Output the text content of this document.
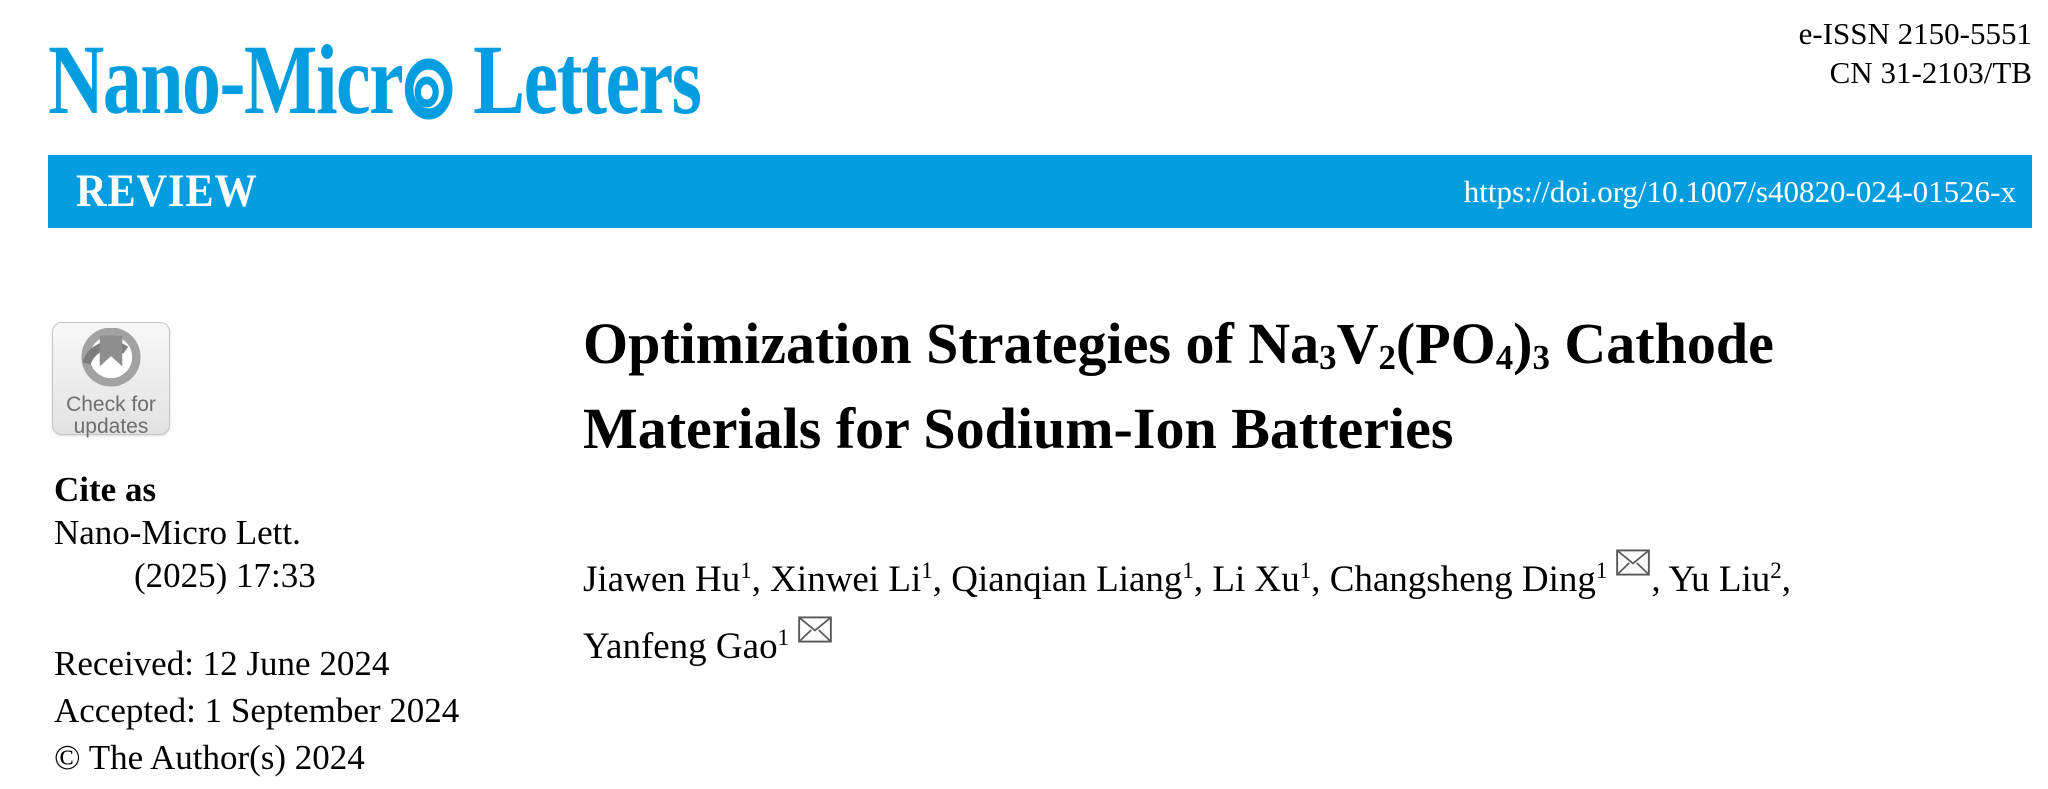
Nano-Micr Letters	e-ISSN 2150-5551
CN 31-2103/TB
REVIEW	https://doi.org/10.1007/s40820-024-01526-x
Check for
updates
Cite as
Nano-Micro Lett.
(2025) 17:33
Received: 12 June 2024
Accepted: 1 September 2024
© The Author(s) 2024
Optimization Strategies of $Na_3V_2(PO_4)_3$ Cathode
Materials for Sodium-Ion Batteries
Jiawen Hu$^1$, Xinwei Li$^1$, Qianqian Liang$^1$, Li Xu$^1$, Changsheng Ding$^1$ , Yu Liu$^2$,
Yanfeng Gao$^1$
